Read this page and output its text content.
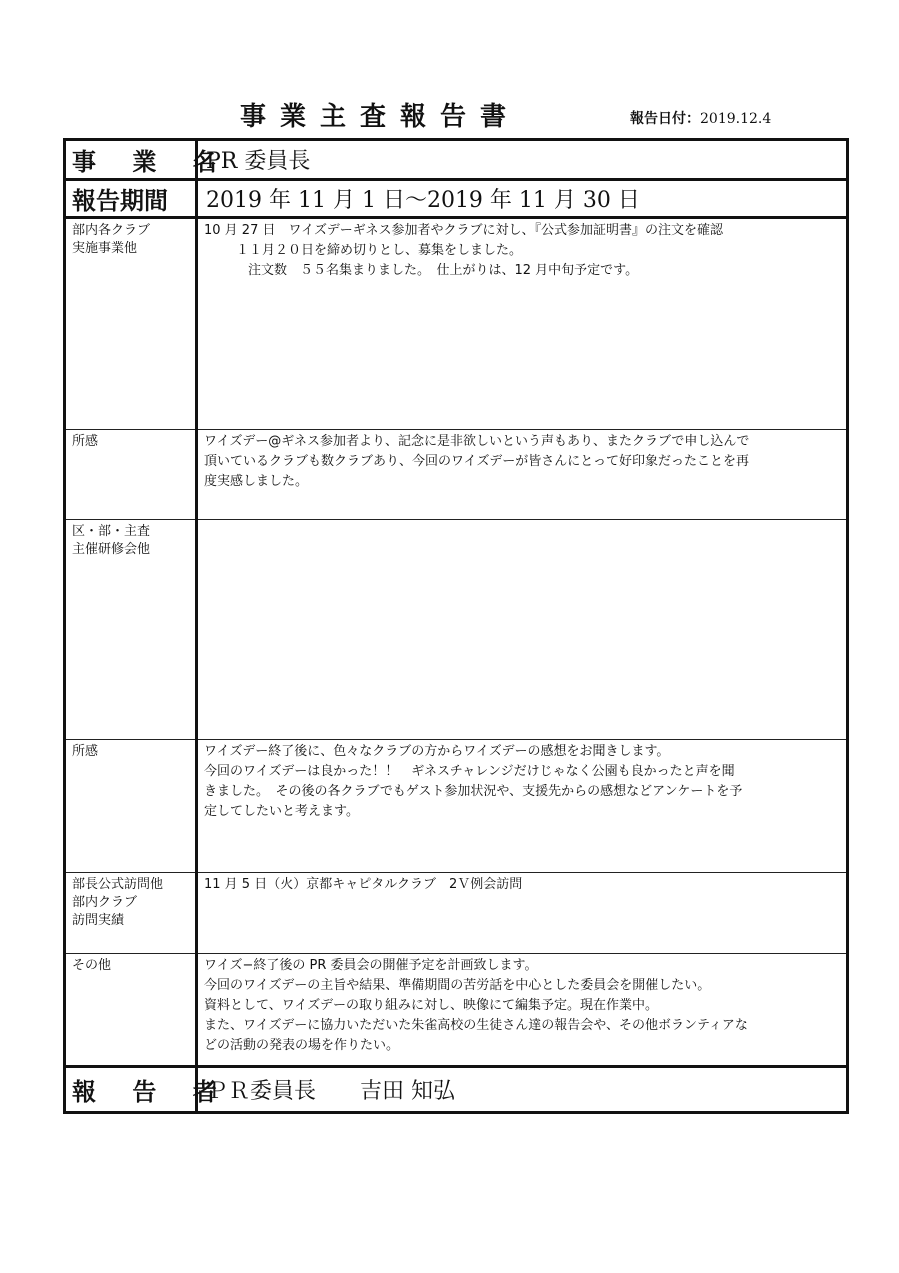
事業主査報告書	報告日付：2019.12.4
事 業 名	PR 委員長
報告期間	2019 年 11 月 1 日〜2019 年 11 月 30 日

部内各クラブ
実施事業他	10 月 27 日　ワイズデーギネス参加者やクラブに対し、『公式参加証明書』の注文を確認
１１月２０日を締め切りとし、募集をしました。
注文数　５５名集まりました。　仕上がりは、12 月中旬予定です。

所感	ワイズデー@ギネス参加者より、記念に是非欲しいという声もあり、またクラブで申し込んで
頂いているクラブも数クラブあり、今回のワイズデーが皆さんにとって好印象だったことを再
度実感しました。

区・部・主査
主催研修会他	

所感	ワイズデー終了後に、色々なクラブの方からワイズデーの感想をお聞きします。
今回のワイズデーは良かった！！　ギネスチャレンジだけじゃなく公園も良かったと声を聞
きました。　その後の各クラブでもゲスト参加状況や、支援先からの感想などアンケートを予
定してしたいと考えます。

部長公式訪問他
部内クラブ
訪問実績	11 月 5 日（火）京都キャピタルクラブ　2Ｖ例会訪問

その他	ワイズ−終了後の PR 委員会の開催予定を計画致します。
今回のワイズデーの主旨や結果、準備期間の苦労話を中心とした委員会を開催したい。
資料として、ワイズデーの取り組みに対し、映像にて編集予定。現在作業中。
また、ワイズデーに協力いただいた朱雀高校の生徒さん達の報告会や、その他ボランティアな
どの活動の発表の場を作りたい。

報 告 者	ＰＲ委員長　　吉田 知弘
